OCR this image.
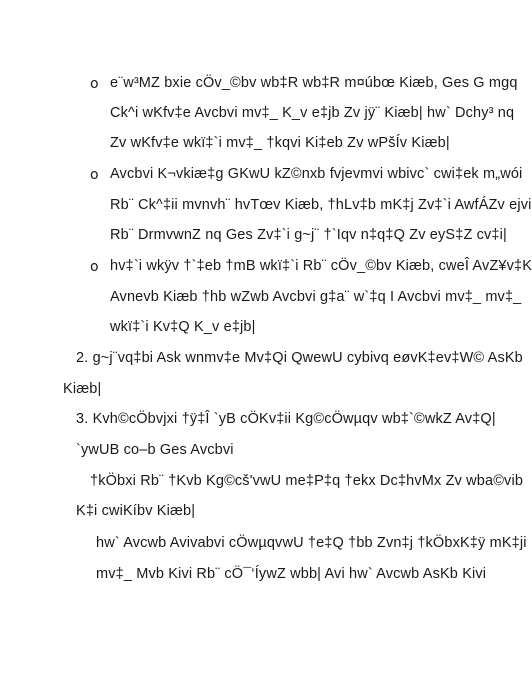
o e¨w³MZ bxie cÖv_©bv wb‡R wb‡R m¤úbœ Kiæb, Ges G mgq
Ck^i wKfv‡e Avcbvi mv‡_ K_v e‡jb Zv jÿ¨ Kiæb| hw` Dchy³ nq
Zv wKfv‡e wkï‡`i mv‡_ †kqvi Ki‡eb Zv wPšÍv Kiæb|
o Avcbvi K¬vkiæ‡g GKwU kZ©nxb fvjevmvi wbivc` cwi‡ek m„wói
Rb¨ Ck^‡ii mvnvh¨ hvTœv Kiæb, †hLv‡b mK‡j Zv‡`i AwfÁZv ejvi
Rb¨ DrmvwnZ nq Ges Zv‡`i g~j¨ †`Iqv n‡q‡Q Zv eyS‡Z cv‡i|
o hv‡`i wkÿv †`‡eb †mB wkï‡`i Rb¨ cÖv_©bv Kiæb, cweÎ AvZ¥v‡K
Avnevb Kiæb †hb wZwb Avcbvi g‡a¨ w`‡q I Avcbvi mv‡_ mv‡_
wkï‡`i Kv‡Q K_v e‡jb|
2. g~j¨vq‡bi Ask wnmv‡e Mv‡Qi QwewU cybivq eøvK‡ev‡W© AsKb
Kiæb|
3. Kvh©cÖbvjxi †ÿ‡Î `yB cÖKv‡ii Kg©cÖwµqv wb‡`©wkZ Av‡Q|
`ywUB co–b Ges Avcbvi
†kÖbxi Rb¨ †Kvb Kg©cš'vwU me‡P‡q †ekx Dc‡hvMx Zv wba©vib
K‡i cwiKíbv Kiæb|
hw` Avcwb Avivabvi cÖwµqvwU †e‡Q †bb Zvn‡j †kÖbxK‡ÿ mK‡ji
mv‡_ Mvb Kivi Rb¨ cÖ¯‘ÍywZ wbb| Avi hw` Avcwb AsKb Kivi
